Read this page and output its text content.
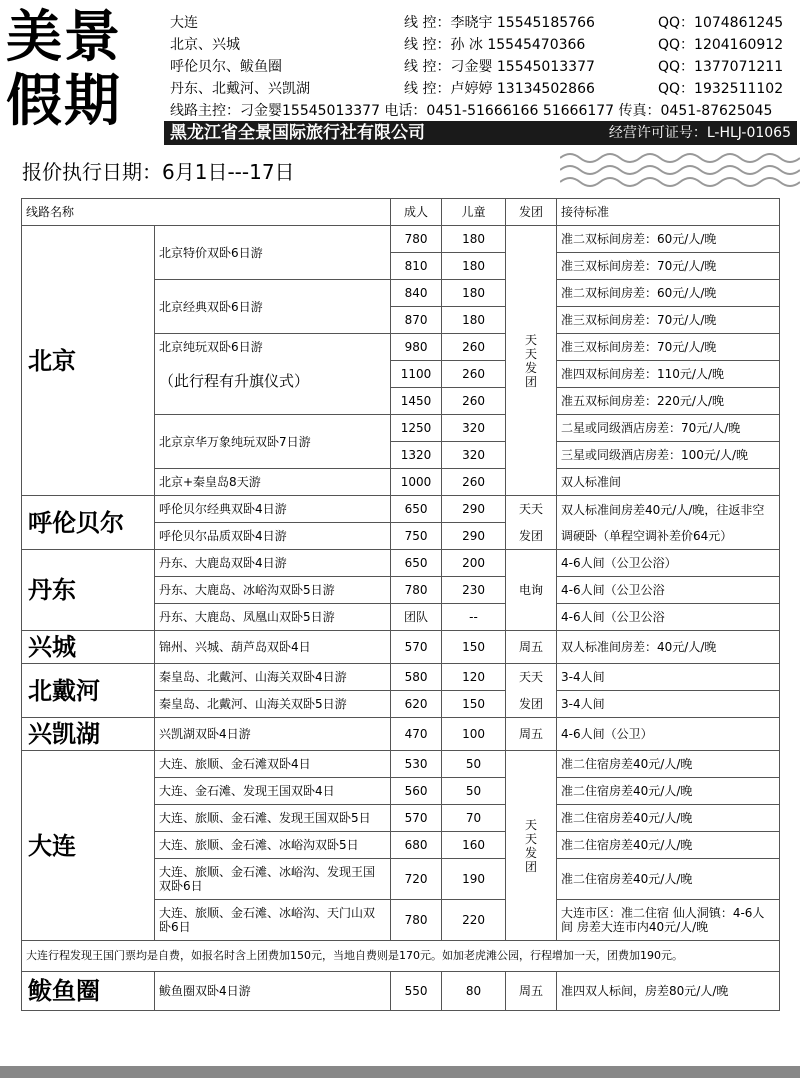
美景
假期
大连	线 控：李晓宇 15545185766	QQ：1074861245
北京、兴城	线 控：孙 冰 15545470366	QQ：1204160912
呼伦贝尔、鲅鱼圈	线 控：刁金婴 15545013377	QQ：1377071211
丹东、北戴河、兴凯湖	线 控：卢婷婷 13134502866	QQ：1932511102
线路主控：刁金婴15545013377 电话：0451-51666166 51666177 传真：0451-87625045
黑龙江省全景国际旅行社有限公司	经营许可证号：L-HLJ-01065
报价执行日期：6月1日---17日
线路名称		成人	儿童	发团	接待标准
北京	北京特价双卧6日游	780	180	天天发团	准二双标间房差：60元/人/晚
		810	180		准三双标间房差：70元/人/晚
	北京经典双卧6日游	840	180		准二双标间房差：60元/人/晚
		870	180		准三双标间房差：70元/人/晚

	北京纯玩双卧6日游
（此行程有升旗仪式）	980	260		准三双标间房差：70元/人/晚
		1100	260		准四双标间房差：110元/人/晚
		1450	260		准五双标间房差：220元/人/晚
	北京京华万象纯玩双卧7日游	1250	320		二星或同级酒店房差：70元/人/晚
		1320	320		三星或同级酒店房差：100元/人/晚
	北京+秦皇岛8天游	1000	260		双人标准间
呼伦贝尔	呼伦贝尔经典双卧4日游	650	290	天天	双人标准间房差40元/人/晚，往返非空调硬卧（单程空调补差价64元）
	呼伦贝尔品质双卧4日游	750	290	发团	
丹东	丹东、大鹿岛双卧4日游	650	200	电询	4-6人间（公卫公浴）
	丹东、大鹿岛、冰峪沟双卧5日游	780	230		4-6人间（公卫公浴
	丹东、大鹿岛、凤凰山双卧5日游	团队	--		4-6人间（公卫公浴
兴城	锦州、兴城、葫芦岛双卧4日	570	150	周五	双人标准间房差：40元/人/晚
北戴河	秦皇岛、北戴河、山海关双卧4日游	580	120	天天	3-4人间
	秦皇岛、北戴河、山海关双卧5日游	620	150	发团	3-4人间
兴凯湖	兴凯湖双卧4日游	470	100	周五	4-6人间（公卫）
大连	大连、旅顺、金石滩双卧4日	530	50	天天发团	准二住宿房差40元/人/晚
	大连、金石滩、发现王国双卧4日	560	50		准二住宿房差40元/人/晚
	大连、旅顺、金石滩、发现王国双卧5日	570	70		准二住宿房差40元/人/晚
	大连、旅顺、金石滩、冰峪沟双卧5日	680	160		准二住宿房差40元/人/晚
	大连、旅顺、金石滩、冰峪沟、发现王国双卧6日	720	190		准二住宿房差40元/人/晚
	大连、旅顺、金石滩、冰峪沟、天门山双卧6日	780	220		大连市区：准二住宿 仙人洞镇：4-6人间 房差大连市内40元/人/晚
大连行程发现王国门票均是自费，如报名时含上团费加150元，当地自费则是170元。如加老虎滩公园，行程增加一天，团费加190元。					
鲅鱼圈	鲅鱼圈双卧4日游	550	80	周五	准四双人标间，房差80元/人/晚
